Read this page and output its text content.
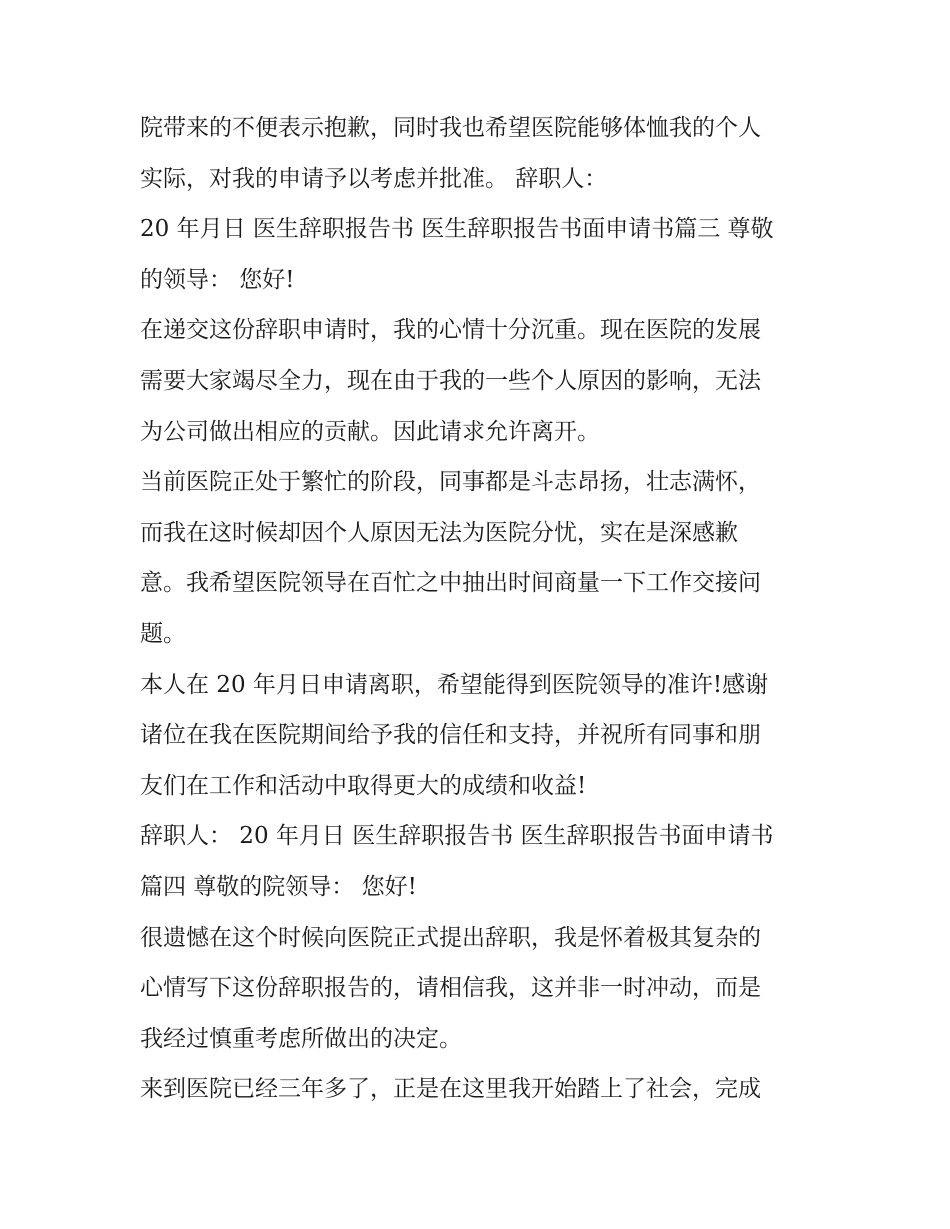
院带来的不便表示抱歉，同时我也希望医院能够体恤我的个人
实际，对我的申请予以考虑并批准。 辞职人：
20 年月日 医生辞职报告书 医生辞职报告书面申请书篇三 尊敬
的领导： 您好!
在递交这份辞职申请时，我的心情十分沉重。现在医院的发展
需要大家竭尽全力，现在由于我的一些个人原因的影响，无法
为公司做出相应的贡献。因此请求允许离开。
当前医院正处于繁忙的阶段，同事都是斗志昂扬，壮志满怀，
而我在这时候却因个人原因无法为医院分忧，实在是深感歉
意。我希望医院领导在百忙之中抽出时间商量一下工作交接问
题。
本人在 20 年月日申请离职，希望能得到医院领导的准许!感谢
诸位在我在医院期间给予我的信任和支持，并祝所有同事和朋
友们在工作和活动中取得更大的成绩和收益!
辞职人： 20 年月日 医生辞职报告书 医生辞职报告书面申请书
篇四 尊敬的院领导： 您好!
很遗憾在这个时候向医院正式提出辞职，我是怀着极其复杂的
心情写下这份辞职报告的，请相信我，这并非一时冲动，而是
我经过慎重考虑所做出的决定。
来到医院已经三年多了，正是在这里我开始踏上了社会，完成
